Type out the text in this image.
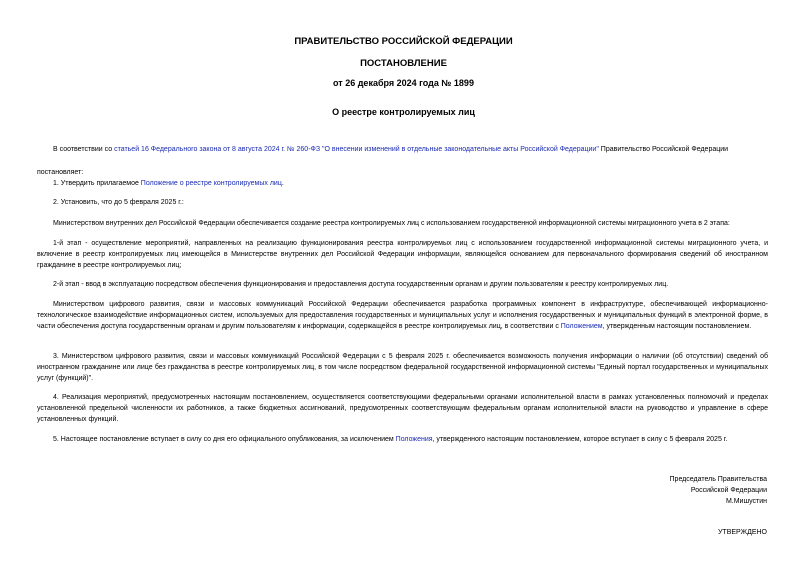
ПРАВИТЕЛЬСТВО РОССИЙСКОЙ ФЕДЕРАЦИИ
ПОСТАНОВЛЕНИЕ
от 26 декабря 2024 года № 1899
О реестре контролируемых лиц

В соответствии со статьей 16 Федерального закона от 8 августа 2024 г. № 260-ФЗ "О внесении изменений в отдельные законодательные акты Российской Федерации" Правительство Российской Федерации

постановляет:

1. Утвердить прилагаемое Положение о реестре контролируемых лиц.

2. Установить, что до 5 февраля 2025 г.:

Министерством внутренних дел Российской Федерации обеспечивается создание реестра контролируемых лиц с использованием государственной информационной системы миграционного учета в 2 этапа:

1-й этап - осуществление мероприятий, направленных на реализацию функционирования реестра контролируемых лиц с использованием государственной информационной системы миграционного учета, и включение в реестр контролируемых лиц имеющейся в Министерстве внутренних дел Российской Федерации информации, являющейся основанием для первоначального формирования сведений об иностранном гражданине в реестре контролируемых лиц;

2-й этап - ввод в эксплуатацию посредством обеспечения функционирования и предоставления доступа государственным органам и другим пользователям к реестру контролируемых лиц.

Министерством цифрового развития, связи и массовых коммуникаций Российской Федерации обеспечивается разработка программных компонент в инфраструктуре, обеспечивающей информационно-технологическое взаимодействие информационных систем, используемых для предоставления государственных и муниципальных услуг и исполнения государственных и муниципальных функций в электронной форме, в части обеспечения доступа государственным органам и другим пользователям к информации, содержащейся в реестре контролируемых лиц, в соответствии с Положением, утвержденным настоящим постановлением.

3. Министерством цифрового развития, связи и массовых коммуникаций Российской Федерации с 5 февраля 2025 г. обеспечивается возможность получения информации о наличии (об отсутствии) сведений об иностранном гражданине или лице без гражданства в реестре контролируемых лиц, в том числе посредством федеральной государственной информационной системы "Единый портал государственных и муниципальных услуг (функций)".

4. Реализация мероприятий, предусмотренных настоящим постановлением, осуществляется соответствующими федеральными органами исполнительной власти в рамках установленных полномочий и пределах установленной предельной численности их работников, а также бюджетных ассигнований, предусмотренных соответствующим федеральным органам исполнительной власти на руководство и управление в сфере установленных функций.

5. Настоящее постановление вступает в силу со дня его официального опубликования, за исключением Положения, утвержденного настоящим постановлением, которое вступает в силу с 5 февраля 2025 г.

Председатель Правительства
Российской Федерации
М.Мишустин
УТВЕРЖДЕНО
